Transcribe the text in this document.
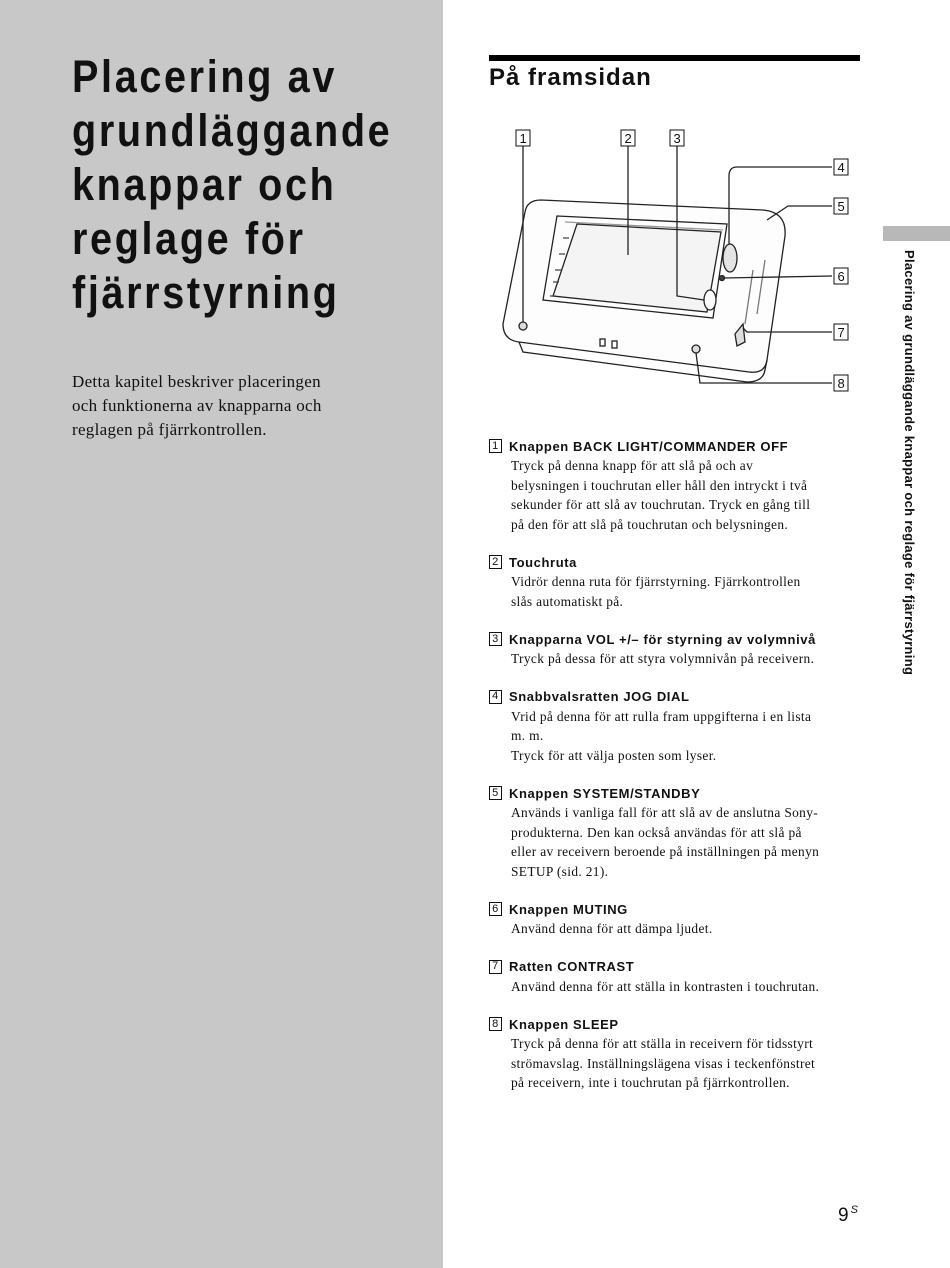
Placering av
grundläggande
knappar och
reglage för
fjärrstyrning
Detta kapitel beskriver placeringen
och funktionerna av knapparna och
reglagen på fjärrkontrollen.
På framsidan
1	2	3
4
5
6
7
8
1 Knappen BACK LIGHT/COMMANDER OFF
Tryck på denna knapp för att slå på och av
belysningen i touchrutan eller håll den intryckt i två
sekunder för att slå av touchrutan. Tryck en gång till
på den för att slå på touchrutan och belysningen.
2 Touchruta
Vidrör denna ruta för fjärrstyrning. Fjärrkontrollen
slås automatiskt på.
3 Knapparna VOL +/– för styrning av volymnivå
Tryck på dessa för att styra volymnivån på receivern.
4 Snabbvalsratten JOG DIAL
Vrid på denna för att rulla fram uppgifterna i en lista
m. m.
Tryck för att välja posten som lyser.
5 Knappen SYSTEM/STANDBY
Används i vanliga fall för att slå av de anslutna Sony-
produkterna. Den kan också användas för att slå på
eller av receivern beroende på inställningen på menyn
SETUP (sid. 21).
6 Knappen MUTING
Använd denna för att dämpa ljudet.
7 Ratten CONTRAST
Använd denna för att ställa in kontrasten i touchrutan.
8 Knappen SLEEP
Tryck på denna för att ställa in receivern för tidsstyrt
strömavslag. Inställningslägena visas i teckenfönstret
på receivern, inte i touchrutan på fjärrkontrollen.
Placering av grundläggande knappar och reglage för fjärrstyrning
9 $^S$
